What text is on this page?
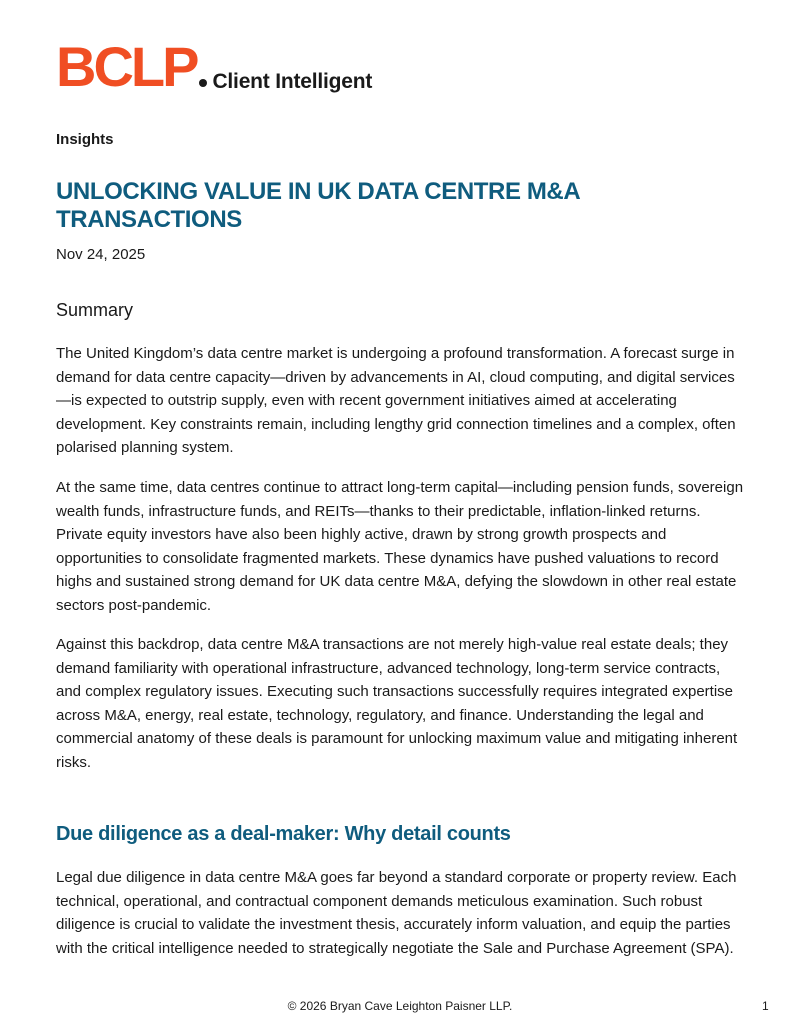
BCLP Client Intelligent
Insights
UNLOCKING VALUE IN UK DATA CENTRE M&A TRANSACTIONS
Nov 24, 2025
Summary

The United Kingdom’s data centre market is undergoing a profound transformation. A forecast surge in demand for data centre capacity—driven by advancements in AI, cloud computing, and digital services—is expected to outstrip supply, even with recent government initiatives aimed at accelerating development. Key constraints remain, including lengthy grid connection timelines and a complex, often polarised planning system.

At the same time, data centres continue to attract long-term capital—including pension funds, sovereign wealth funds, infrastructure funds, and REITs—thanks to their predictable, inflation-linked returns. Private equity investors have also been highly active, drawn by strong growth prospects and opportunities to consolidate fragmented markets. These dynamics have pushed valuations to record highs and sustained strong demand for UK data centre M&A, defying the slowdown in other real estate sectors post-pandemic.

Against this backdrop, data centre M&A transactions are not merely high-value real estate deals; they demand familiarity with operational infrastructure, advanced technology, long-term service contracts, and complex regulatory issues. Executing such transactions successfully requires integrated expertise across M&A, energy, real estate, technology, regulatory, and finance. Understanding the legal and commercial anatomy of these deals is paramount for unlocking maximum value and mitigating inherent risks.

Due diligence as a deal-maker: Why detail counts

Legal due diligence in data centre M&A goes far beyond a standard corporate or property review. Each technical, operational, and contractual component demands meticulous examination. Such robust diligence is crucial to validate the investment thesis, accurately inform valuation, and equip the parties with the critical intelligence needed to strategically negotiate the Sale and Purchase Agreement (SPA).

© 2026 Bryan Cave Leighton Paisner LLP.	1
